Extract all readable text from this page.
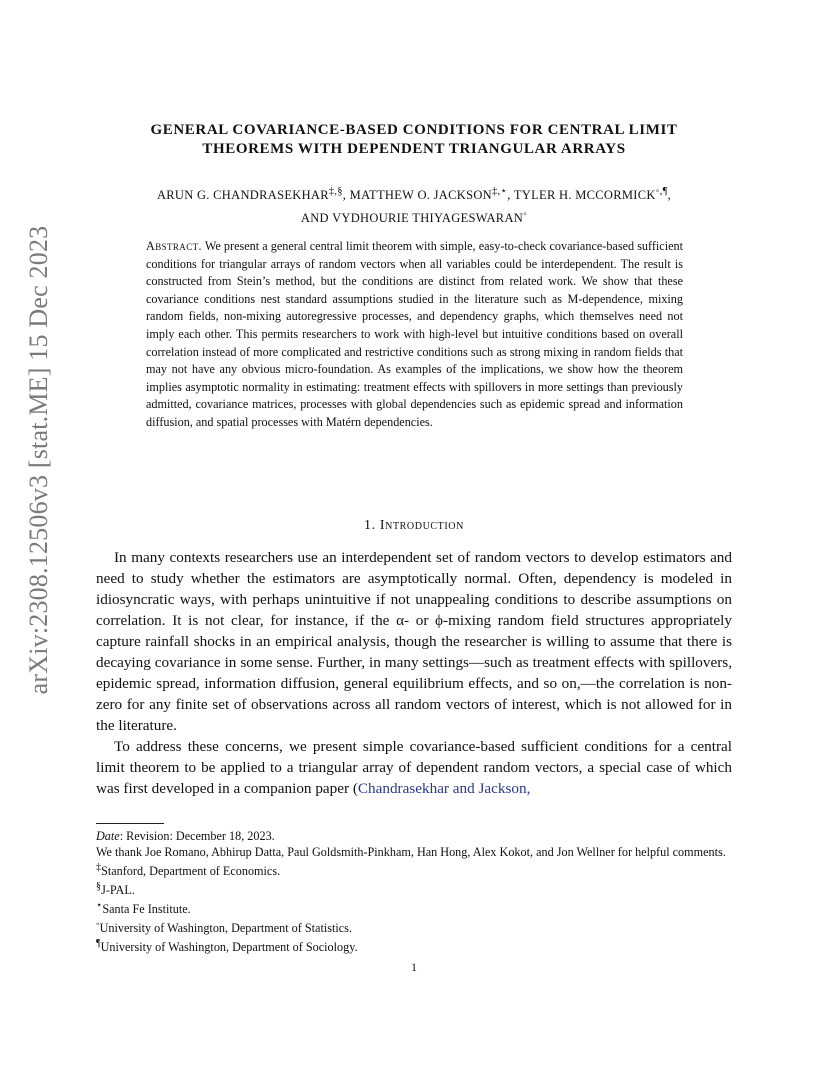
arXiv:2308.12506v3 [stat.ME] 15 Dec 2023
GENERAL COVARIANCE-BASED CONDITIONS FOR CENTRAL LIMIT
THEOREMS WITH DEPENDENT TRIANGULAR ARRAYS
ARUN G. CHANDRASEKHAR‡,§, MATTHEW O. JACKSON‡,⋆, TYLER H. MCCORMICK◦,¶,
AND VYDHOURIE THIYAGESWARAN◦
Abstract. We present a general central limit theorem with simple, easy-to-check covariance-based sufficient conditions for triangular arrays of random vectors when all variables could be interdependent. The result is constructed from Stein’s method, but the conditions are distinct from related work. We show that these covariance conditions nest standard assumptions studied in the literature such as M-dependence, mixing random fields, non-mixing autoregressive processes, and dependency graphs, which themselves need not imply each other. This permits researchers to work with high-level but intuitive conditions based on overall correlation instead of more complicated and restrictive conditions such as strong mixing in random fields that may not have any obvious micro-foundation. As examples of the implications, we show how the theorem implies asymptotic normality in estimating: treatment effects with spillovers in more settings than previously admitted, covariance matrices, processes with global dependencies such as epidemic spread and information diffusion, and spatial processes with Matérn dependencies.
1. Introduction

In many contexts researchers use an interdependent set of random vectors to develop estimators and need to study whether the estimators are asymptotically normal. Often, dependency is modeled in idiosyncratic ways, with perhaps unintuitive if not unappealing conditions to describe assumptions on correlation. It is not clear, for instance, if the α- or ϕ-mixing random field structures appropriately capture rainfall shocks in an empirical analysis, though the researcher is willing to assume that there is decaying covariance in some sense. Further, in many settings—such as treatment effects with spillovers, epidemic spread, information diffusion, general equilibrium effects, and so on,—the correlation is non-zero for any finite set of observations across all random vectors of interest, which is not allowed for in the literature.

To address these concerns, we present simple covariance-based sufficient conditions for a central limit theorem to be applied to a triangular array of dependent random vectors, a special case of which was first developed in a companion paper (Chandrasekhar and Jackson,

Date: Revision: December 18, 2023.
We thank Joe Romano, Abhirup Datta, Paul Goldsmith-Pinkham, Han Hong, Alex Kokot, and Jon Wellner for helpful comments.
‡Stanford, Department of Economics.
§J-PAL.
⋆Santa Fe Institute.
◦University of Washington, Department of Statistics.
¶University of Washington, Department of Sociology.
1
